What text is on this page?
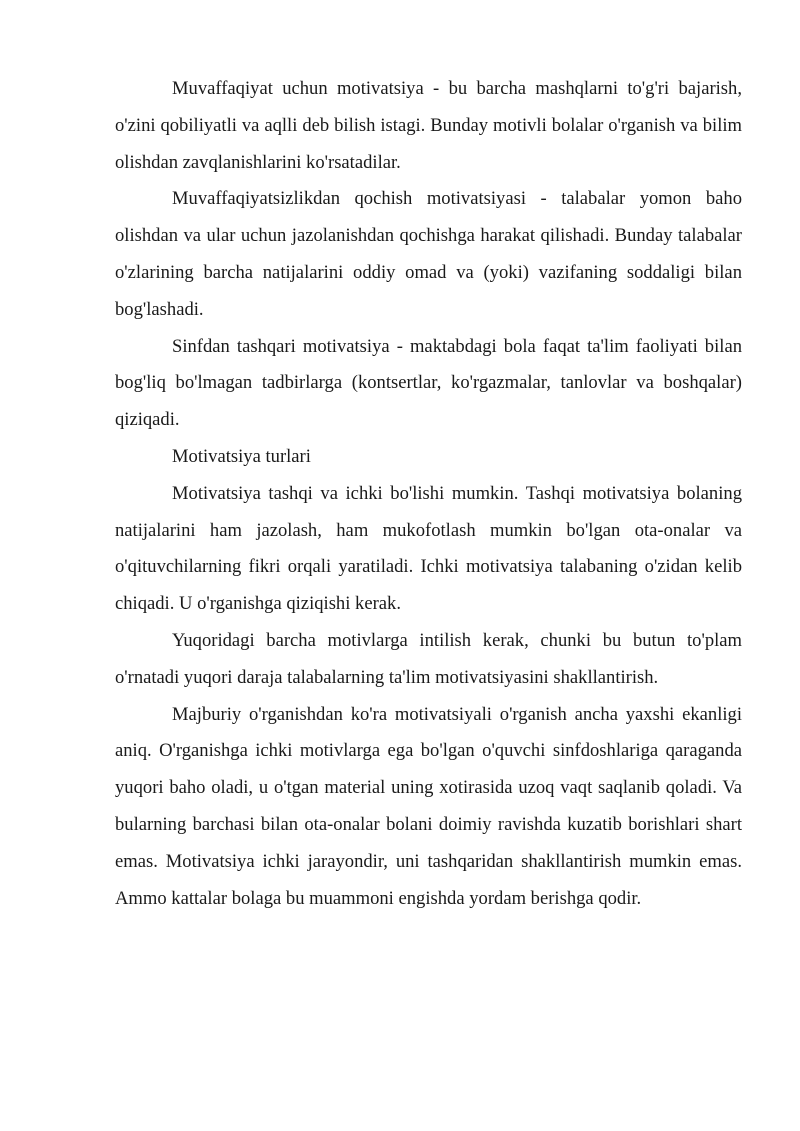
Muvaffaqiyat uchun motivatsiya - bu barcha mashqlarni to'g'ri bajarish, o'zini qobiliyatli va aqlli deb bilish istagi. Bunday motivli bolalar o'rganish va bilim olishdan zavqlanishlarini ko'rsatadilar.

Muvaffaqiyatsizlikdan qochish motivatsiyasi - talabalar yomon baho olishdan va ular uchun jazolanishdan qochishga harakat qilishadi. Bunday talabalar o'zlarining barcha natijalarini oddiy omad va (yoki) vazifaning soddaligi bilan bog'lashadi.

Sinfdan tashqari motivatsiya - maktabdagi bola faqat ta'lim faoliyati bilan bog'liq bo'lmagan tadbirlarga (kontsertlar, ko'rgazmalar, tanlovlar va boshqalar) qiziqadi.

Motivatsiya turlari

Motivatsiya tashqi va ichki bo'lishi mumkin. Tashqi motivatsiya bolaning natijalarini ham jazolash, ham mukofotlash mumkin bo'lgan ota-onalar va o'qituvchilarning fikri orqali yaratiladi. Ichki motivatsiya talabaning o'zidan kelib chiqadi. U o'rganishga qiziqishi kerak.

Yuqoridagi barcha motivlarga intilish kerak, chunki bu butun to'plam o'rnatadi yuqori daraja talabalarning ta'lim motivatsiyasini shakllantirish.

Majburiy o'rganishdan ko'ra motivatsiyali o'rganish ancha yaxshi ekanligi aniq. O'rganishga ichki motivlarga ega bo'lgan o'quvchi sinfdoshlariga qaraganda yuqori baho oladi, u o'tgan material uning xotirasida uzoq vaqt saqlanib qoladi. Va bularning barchasi bilan ota-onalar bolani doimiy ravishda kuzatib borishlari shart emas. Motivatsiya ichki jarayondir, uni tashqaridan shakllantirish mumkin emas. Ammo kattalar bolaga bu muammoni engishda yordam berishga qodir.
